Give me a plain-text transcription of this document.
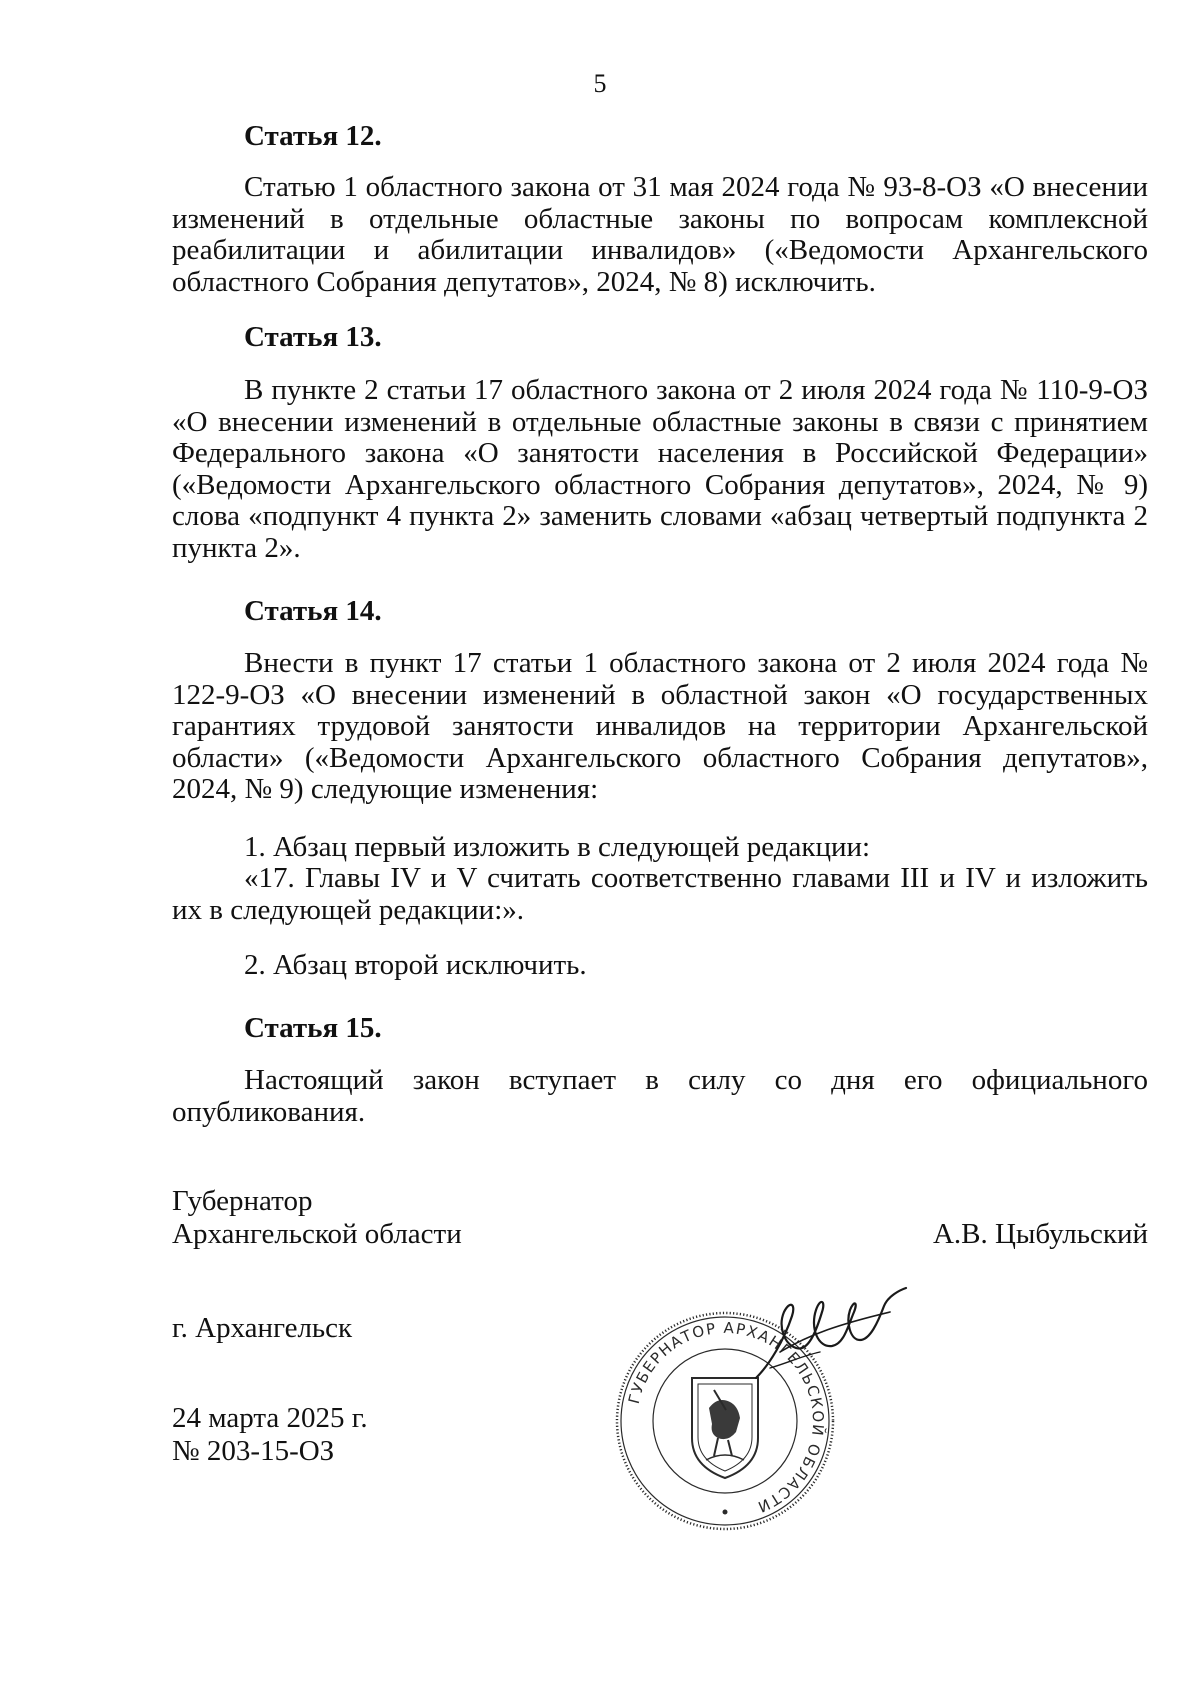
5
Статья 12.
Статью 1 областного закона от 31 мая 2024 года № 93-8-ОЗ «О внесении изменений в отдельные областные законы по вопросам комплексной реабилитации и абилитации инвалидов» («Ведомости Архангельского областного Собрания депутатов», 2024, № 8) исключить.
Статья 13.
В пункте 2 статьи 17 областного закона от 2 июля 2024 года № 110-9-ОЗ «О внесении изменений в отдельные областные законы в связи с принятием Федерального закона «О занятости населения в Российской Федерации» («Ведомости Архангельского областного Собрания депутатов», 2024, № 9) слова «подпункт 4 пункта 2» заменить словами «абзац четвертый подпункта 2 пункта 2».
Статья 14.
Внести в пункт 17 статьи 1 областного закона от 2 июля 2024 года № 122-9-ОЗ «О внесении изменений в областной закон «О государственных гарантиях трудовой занятости инвалидов на территории Архангельской области» («Ведомости Архангельского областного Собрания депутатов», 2024, № 9) следующие изменения:
1. Абзац первый изложить в следующей редакции:
«17. Главы IV и V считать соответственно главами III и IV и изложить их в следующей редакции:».
2. Абзац второй исключить.
Статья 15.
Настоящий закон вступает в силу со дня его официального опубликования.
Губернатор
Архангельской области	А.В. Цыбульский
г. Архангельск
24 марта 2025 г.
№ 203-15-ОЗ
ГУБЕРНАТОР АРХАНГЕЛЬСКОЙ ОБЛАСТИ
